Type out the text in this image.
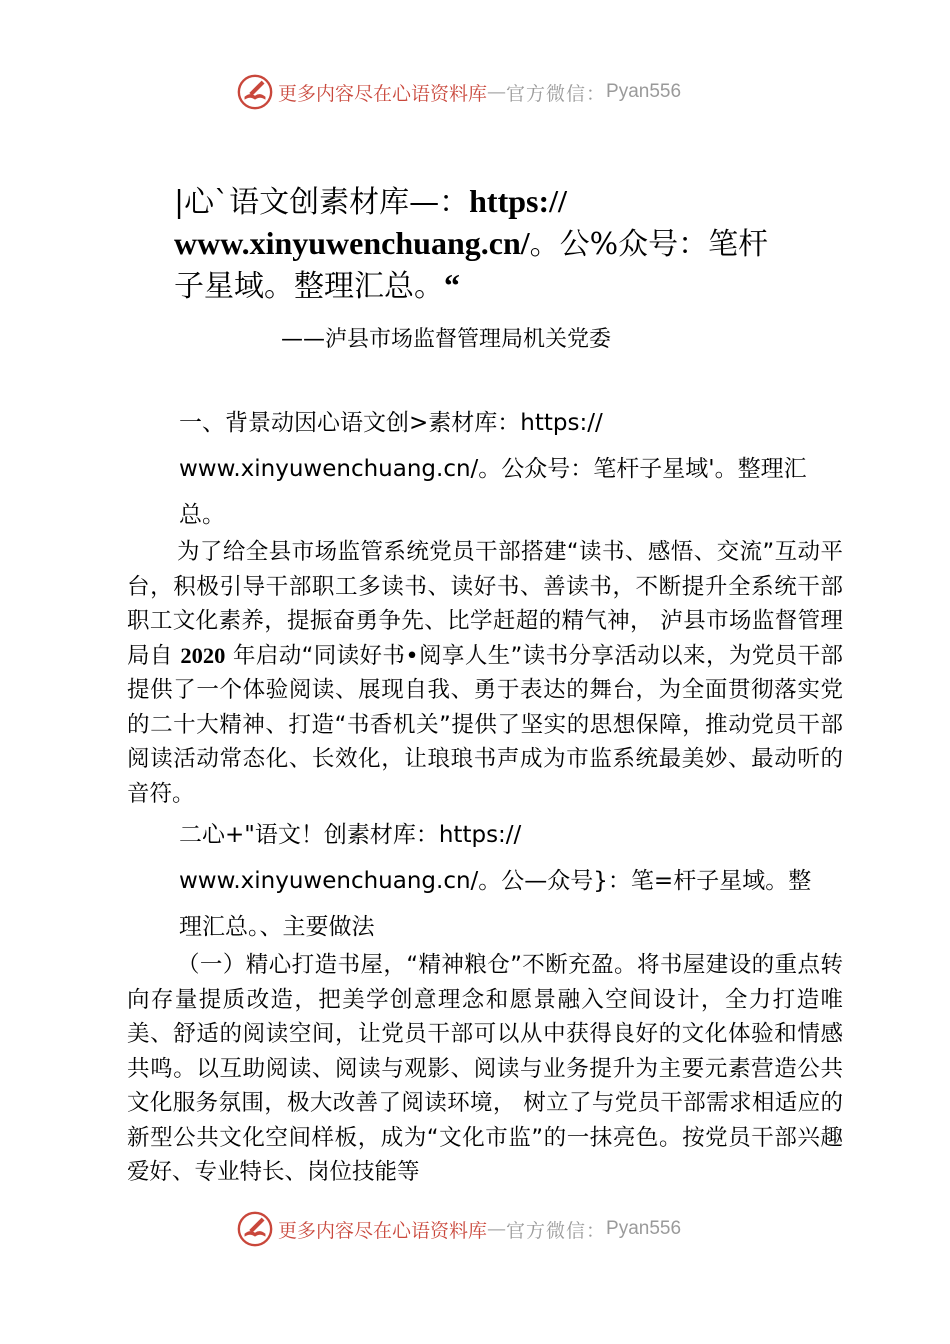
更多内容尽在心语资料库 — 官方微信： Pyan556
|心`语文创素材库—：https://
www.xinyuwenchuang.cn/。公%众号：笔杆
子星域。整理汇总。“
——泸县市场监督管理局机关党委
一、背景动因心语文创>素材库：https://
www.xinyuwenchuang.cn/。公众号：笔杆子星域'。整理汇
总。
为了给全县市场监管系统党员干部搭建“读书、感悟、交流”互动平台，积极引导干部职工多读书、读好书、善读书，不断提升全系统干部职工文化素养，提振奋勇争先、比学赶超的精气神， 泸县市场监督管理局自 2020 年启动“同读好书•阅享人生”读书分享活动以来，为党员干部提供了一个体验阅读、展现自我、勇于表达的舞台，为全面贯彻落实党的二十大精神、打造“书香机关”提供了坚实的思想保障，推动党员干部阅读活动常态化、长效化，让琅琅书声成为市监系统最美妙、最动听的音符。
二心+"语文！创素材库：https://
www.xinyuwenchuang.cn/。公—众号}：笔=杆子星域。整
理汇总。、主要做法
（一）精心打造书屋，“精神粮仓”不断充盈。将书屋建设的重点转向存量提质改造，把美学创意理念和愿景融入空间设计，全力打造唯美、舒适的阅读空间，让党员干部可以从中获得良好的文化体验和情感共鸣。以互助阅读、阅读与观影、阅读与业务提升为主要元素营造公共文化服务氛围，极大改善了阅读环境， 树立了与党员干部需求相适应的新型公共文化空间样板，成为“文化市监”的一抹亮色。按党员干部兴趣爱好、专业特长、岗位技能等
更多内容尽在心语资料库 — 官方微信： Pyan556
